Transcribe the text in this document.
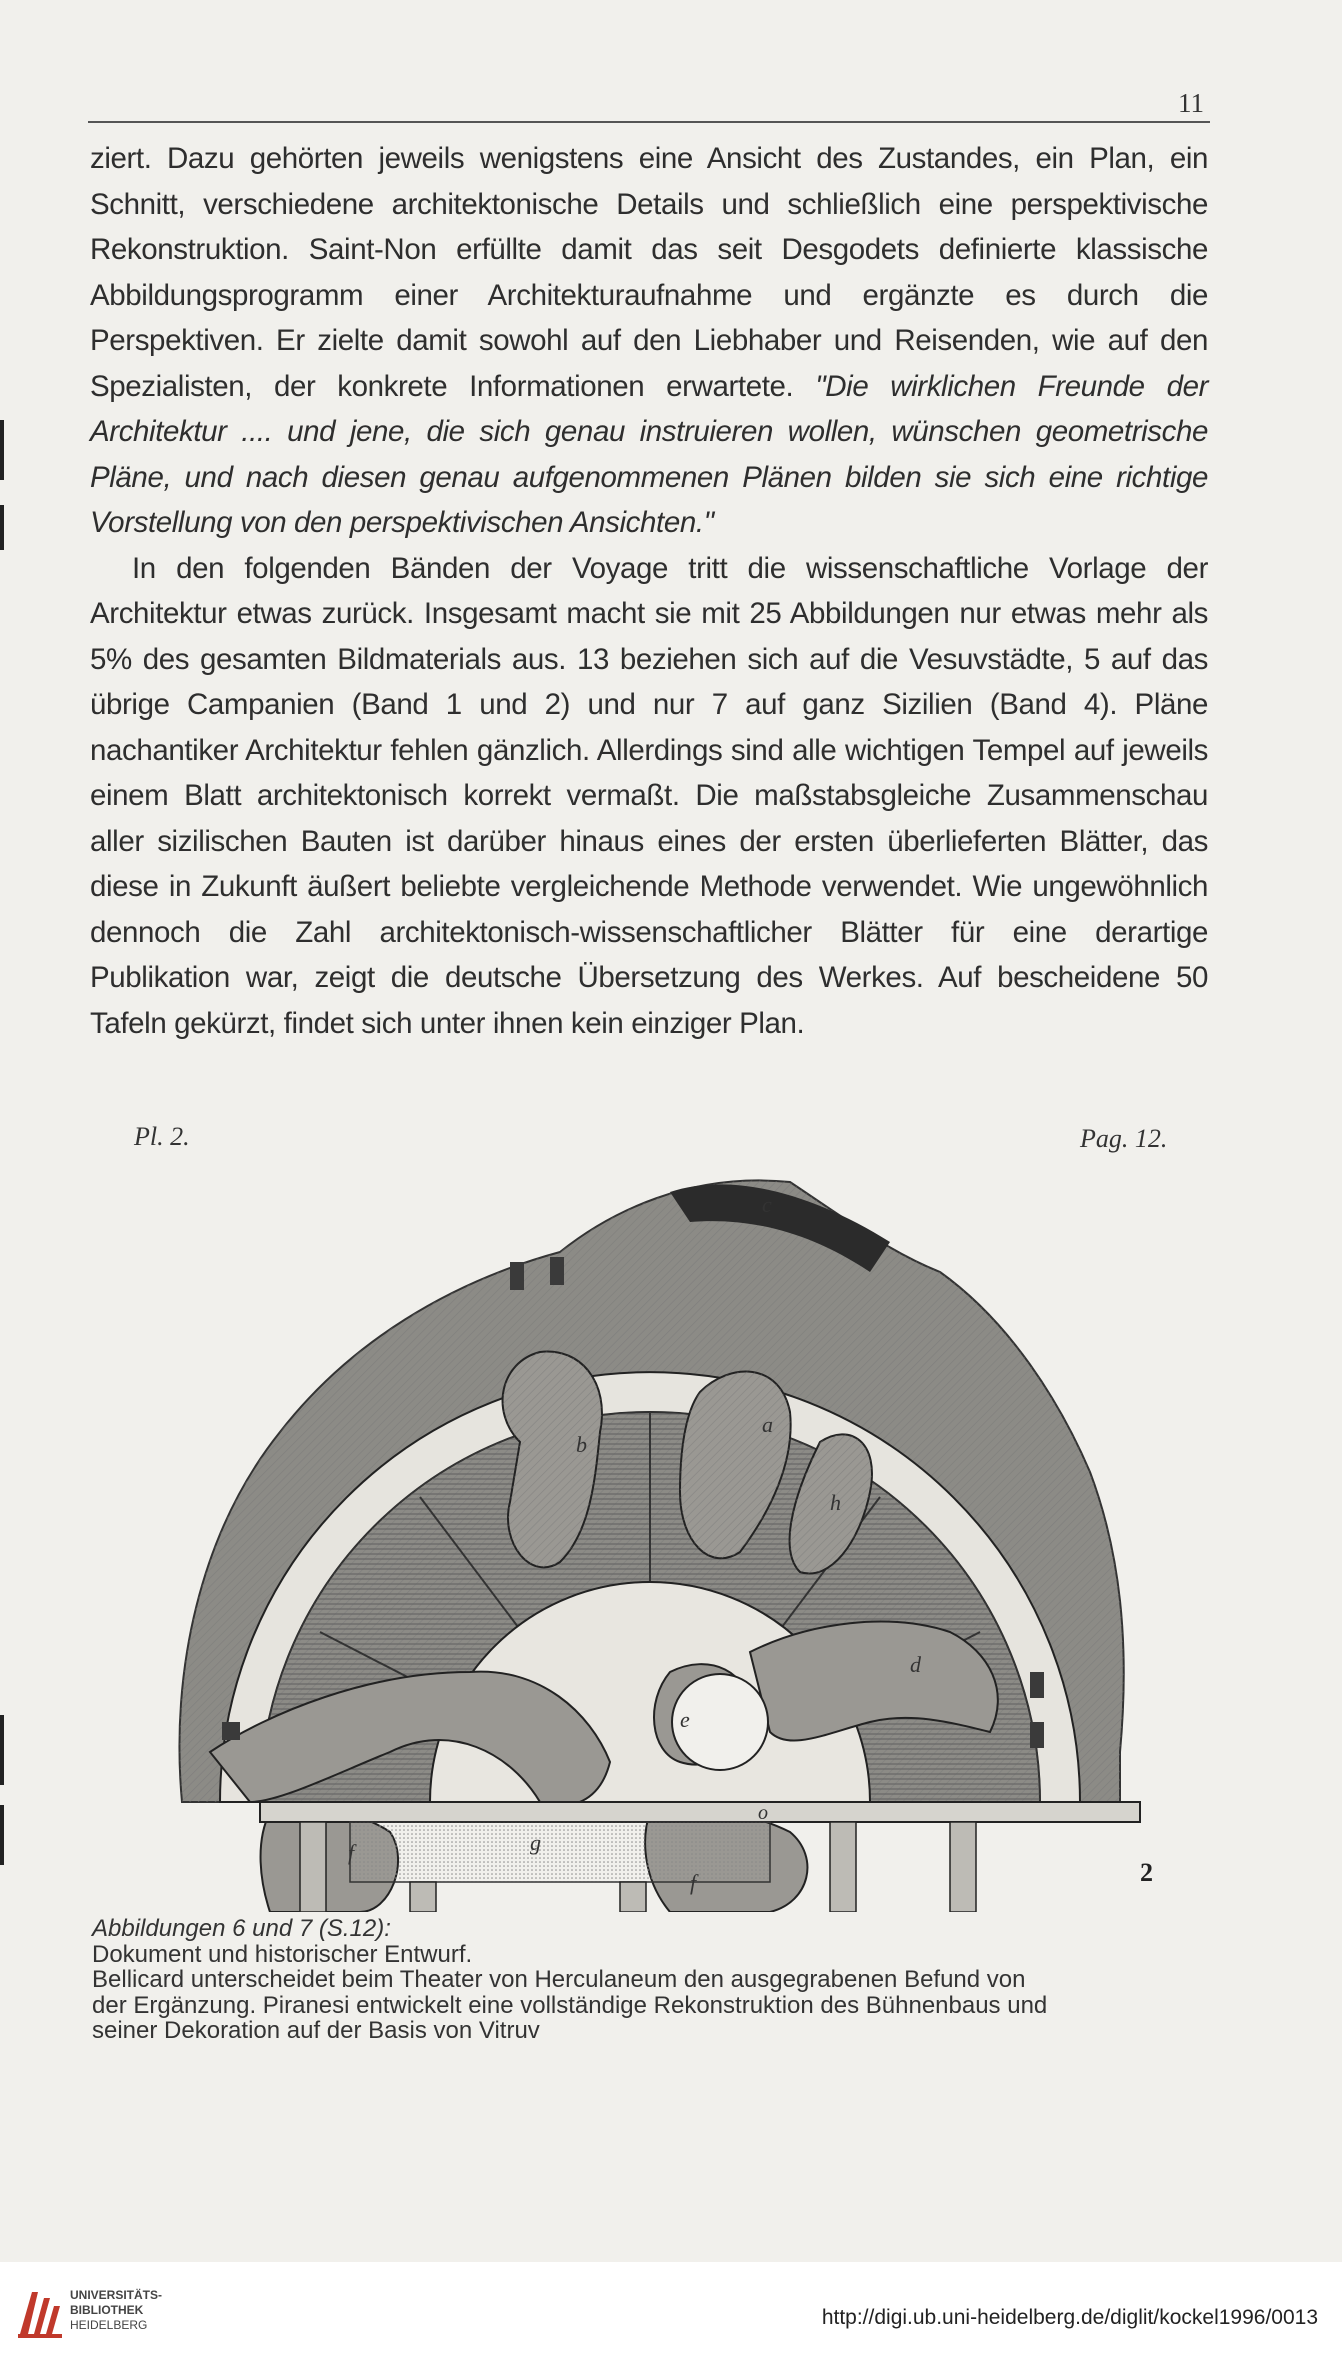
11

ziert. Dazu gehörten jeweils wenigstens eine Ansicht des Zustandes, ein Plan, ein Schnitt, verschiedene architektonische Details und schließlich eine perspektivische Rekonstruktion. Saint-Non erfüllte damit das seit Desgodets definierte klassische Abbildungsprogramm einer Architekturaufnahme und ergänzte es durch die Perspektiven. Er zielte damit sowohl auf den Liebhaber und Reisenden, wie auf den Spezialisten, der konkrete Informationen erwartete. "Die wirklichen Freunde der Architektur .... und jene, die sich genau instruieren wollen, wünschen geometrische Pläne, und nach diesen genau aufgenommenen Plänen bilden sie sich eine richtige Vorstellung von den perspektivischen Ansichten."

In den folgenden Bänden der Voyage tritt die wissenschaftliche Vorlage der Architektur etwas zurück. Insgesamt macht sie mit 25 Abbildungen nur etwas mehr als 5% des gesamten Bildmaterials aus. 13 beziehen sich auf die Vesuvstädte, 5 auf das übrige Campanien (Band 1 und 2) und nur 7 auf ganz Sizilien (Band 4). Pläne nachantiker Architektur fehlen gänzlich. Allerdings sind alle wichtigen Tempel auf jeweils einem Blatt architektonisch korrekt vermaßt. Die maßstabsgleiche Zusammenschau aller sizilischen Bauten ist darüber hinaus eines der ersten überlieferten Blätter, das diese in Zukunft äußert beliebte vergleichende Methode verwendet. Wie ungewöhnlich dennoch die Zahl architektonisch-wissenschaftlicher Blätter für eine derartige Publikation war, zeigt die deutsche Übersetzung des Werkes. Auf bescheidene 50 Tafeln gekürzt, findet sich unter ihnen kein einziger Plan.

Pl. 2.	Pag. 12.
2
a
b
c
d
e
f
f
g
h
o
Abbildungen 6 und 7 (S.12):
Dokument und historischer Entwurf.
Bellicard unterscheidet beim Theater von Herculaneum den ausgegrabenen Befund von
der Ergänzung. Piranesi entwickelt eine vollständige Rekonstruktion des Bühnenbaus und
seiner Dekoration auf der Basis von Vitruv
UNIVERSITÄTS-
BIBLIOTHEK
HEIDELBERG	http://digi.ub.uni-heidelberg.de/diglit/kockel1996/0013
